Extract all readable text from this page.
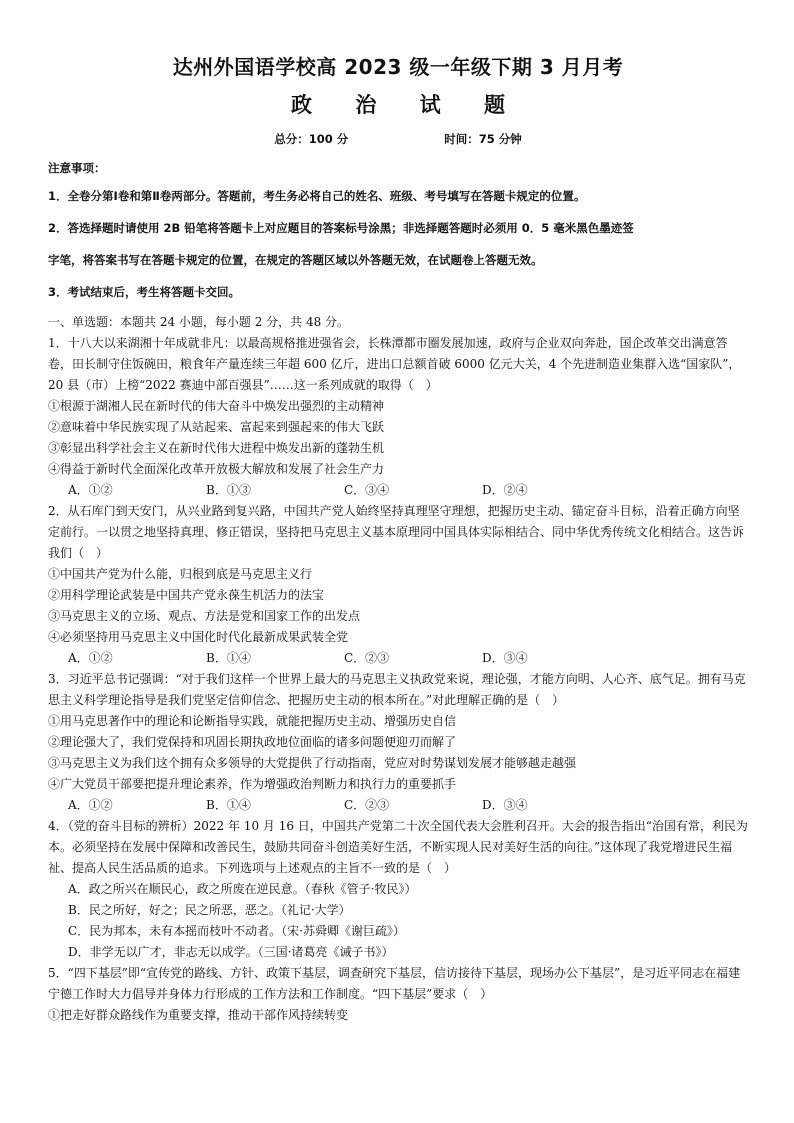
达州外国语学校高 2023 级一年级下期 3 月月考
政 治 试 题
总分：100 分	时间：75 分钟
注意事项：

1．全卷分第Ⅰ卷和第Ⅱ卷两部分。答题前，考生务必将自己的姓名、班级、考号填写在答题卡规定的位置。

2．答选择题时请使用 2B 铅笔将答题卡上对应题目的答案标号涂黑；非选择题答题时必须用 0．5 毫米黑色墨迹签

字笔，将答案书写在答题卡规定的位置，在规定的答题区域以外答题无效，在试题卷上答题无效。

3．考试结束后，考生将答题卡交回。

一、单选题：本题共 24 小题，每小题 2 分，共 48 分。

1．十八大以来湖湘十年成就非凡：以最高规格推进强省会，长株潭都市圈发展加速，政府与企业双向奔赴，国企改革交出满意答卷，田长制守住饭碗田，粮食年产量连续三年超 600 亿斤，进出口总额首破 6000 亿元大关，4 个先进制造业集群入选“国家队”，20 县（市）上榜“2022 赛迪中部百强县”……这一系列成就的取得（　）

①根源于湖湘人民在新时代的伟大奋斗中焕发出强烈的主动精神

②意味着中华民族实现了从站起来、富起来到强起来的伟大飞跃

③彰显出科学社会主义在新时代伟大进程中焕发出新的蓬勃生机

④得益于新时代全面深化改革开放极大解放和发展了社会生产力

A．①②	B．①③	C．③④	D．②④

2．从石库门到天安门，从兴业路到复兴路，中国共产党人始终坚持真理坚守理想，把握历史主动、锚定奋斗目标，沿着正确方向坚定前行。一以贯之地坚持真理、修正错误，坚持把马克思主义基本原理同中国具体实际相结合、同中华优秀传统文化相结合。这告诉我们（　）

①中国共产党为什么能，归根到底是马克思主义行

②用科学理论武装是中国共产党永葆生机活力的法宝

③马克思主义的立场、观点、方法是党和国家工作的出发点

④必须坚持用马克思主义中国化时代化最新成果武装全党

A．①②	B．①④	C．②③	D．③④

3．习近平总书记强调：“对于我们这样一个世界上最大的马克思主义执政党来说，理论强，才能方向明、人心齐、底气足。拥有马克思主义科学理论指导是我们党坚定信仰信念、把握历史主动的根本所在。”对此理解正确的是（　）

①用马克思著作中的理论和论断指导实践，就能把握历史主动、增强历史自信

②理论强大了，我们党保持和巩固长期执政地位面临的诸多问题便迎刃而解了

③马克思主义为我们这个拥有众多领导的大党提供了行动指南，党应对时势谋划发展才能够越走越强

④广大党员干部要把提升理论素养，作为增强政治判断力和执行力的重要抓手

A．①②	B．①④	C．②③	D．③④

4．（党的奋斗目标的辨析）2022 年 10 月 16 日，中国共产党第二十次全国代表大会胜利召开。大会的报告指出“治国有常，利民为本。必须坚持在发展中保障和改善民生，鼓励共同奋斗创造美好生活，不断实现人民对美好生活的向往。”这体现了我党增进民生福祉、提高人民生活品质的追求。下列选项与上述观点的主旨不一致的是（　）

A．政之所兴在顺民心，政之所废在逆民意。（春秋《管子·牧民》）

B．民之所好，好之；民之所恶，恶之。（礼记·大学）

C．民为邦本，未有本摇而枝叶不动者。（宋·苏舜卿《谢巨疏》）

D．非学无以广才，非志无以成学。（三国·诸葛亮《诫子书》）

5．“四下基层”即“宣传党的路线、方针、政策下基层，调查研究下基层，信访接待下基层，现场办公下基层”，是习近平同志在福建宁德工作时大力倡导并身体力行形成的工作方法和工作制度。“四下基层”要求（　）

①把走好群众路线作为重要支撑，推动干部作风持续转变
